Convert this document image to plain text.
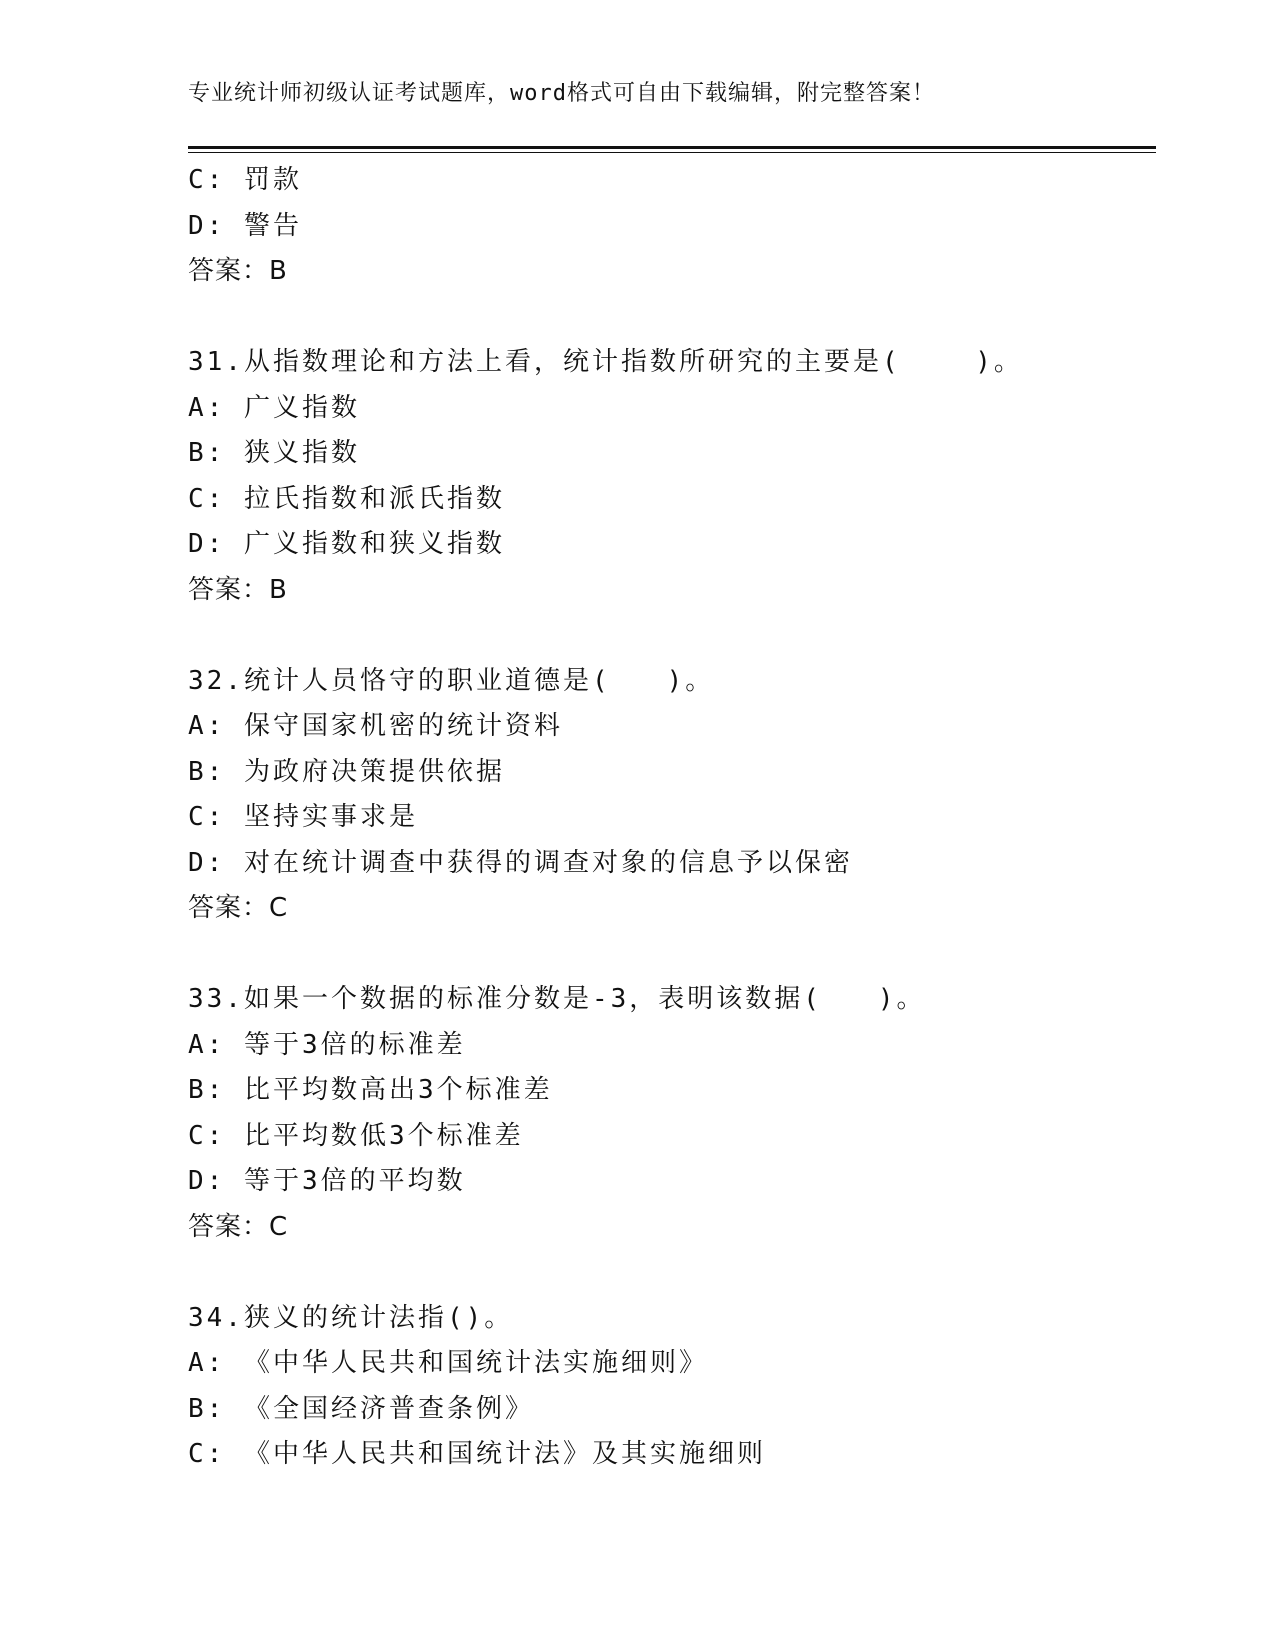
专业统计师初级认证考试题库，word格式可自由下载编辑，附完整答案！
C: 罚款
D: 警告
答案：B
31.从指数理论和方法上看，统计指数所研究的主要是(    )。
A: 广义指数
B: 狭义指数
C: 拉氏指数和派氏指数
D: 广义指数和狭义指数
答案：B
32.统计人员恪守的职业道德是(   )。
A: 保守国家机密的统计资料
B: 为政府决策提供依据
C: 坚持实事求是
D: 对在统计调查中获得的调查对象的信息予以保密
答案：C
33.如果一个数据的标准分数是-3，表明该数据(   )。
A: 等于3倍的标准差
B: 比平均数高出3个标准差
C: 比平均数低3个标准差
D: 等于3倍的平均数
答案：C
34.狭义的统计法指()。
A: 《中华人民共和国统计法实施细则》
B: 《全国经济普查条例》
C: 《中华人民共和国统计法》及其实施细则
